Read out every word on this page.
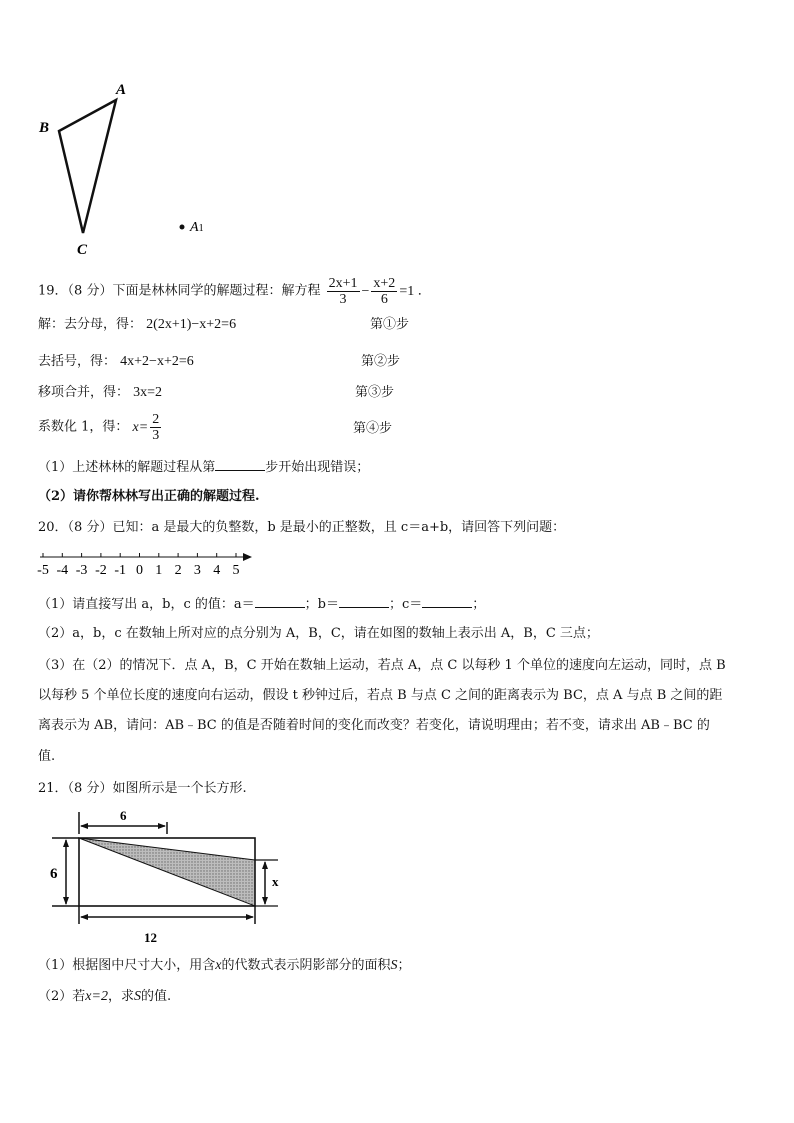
A
B
C
A1
19．（8 分）下面是林林同学的解题过程：解方程 $\frac{2x+1}{3} - \frac{x+2}{6} =1$ ．
解：去分母，得： 2(2x+1)−x+2=6	第①步
去括号，得： 4x+2−x+2=6	第②步
移项合并，得： 3x=2	第③步
系数化 1，得： $x= \frac{2}{3}$	第④步
（1）上述林林的解题过程从第	步开始出现错误；
（2）请你帮林林写出正确的解题过程.
20．（8 分）已知：a 是最大的负整数，b 是最小的正整数，且 c＝a+b，请回答下列问题：
-5 -4 -3 -2 -1 0 1 2 3 4 5
（1）请直接写出 a，b，c 的值：a＝	；b＝	；c＝	；
（2）a，b，c 在数轴上所对应的点分别为 A，B，C，请在如图的数轴上表示出 A，B，C 三点；
（3）在（2）的情况下．点 A，B，C 开始在数轴上运动，若点 A，点 C 以每秒 1 个单位的速度向左运动，同时，点 B
以每秒 5 个单位长度的速度向右运动，假设 t 秒钟过后，若点 B 与点 C 之间的距离表示为 BC，点 A 与点 B 之间的距
离表示为 AB，请问：AB﹣BC 的值是否随着时间的变化而改变？若变化，请说明理由；若不变，请求出 AB﹣BC 的
值.
21．（8 分）如图所示是一个长方形.
6
6	x
12
（1）根据图中尺寸大小，用含x的代数式表示阴影部分的面积S；
（2）若x=2，求S的值.
